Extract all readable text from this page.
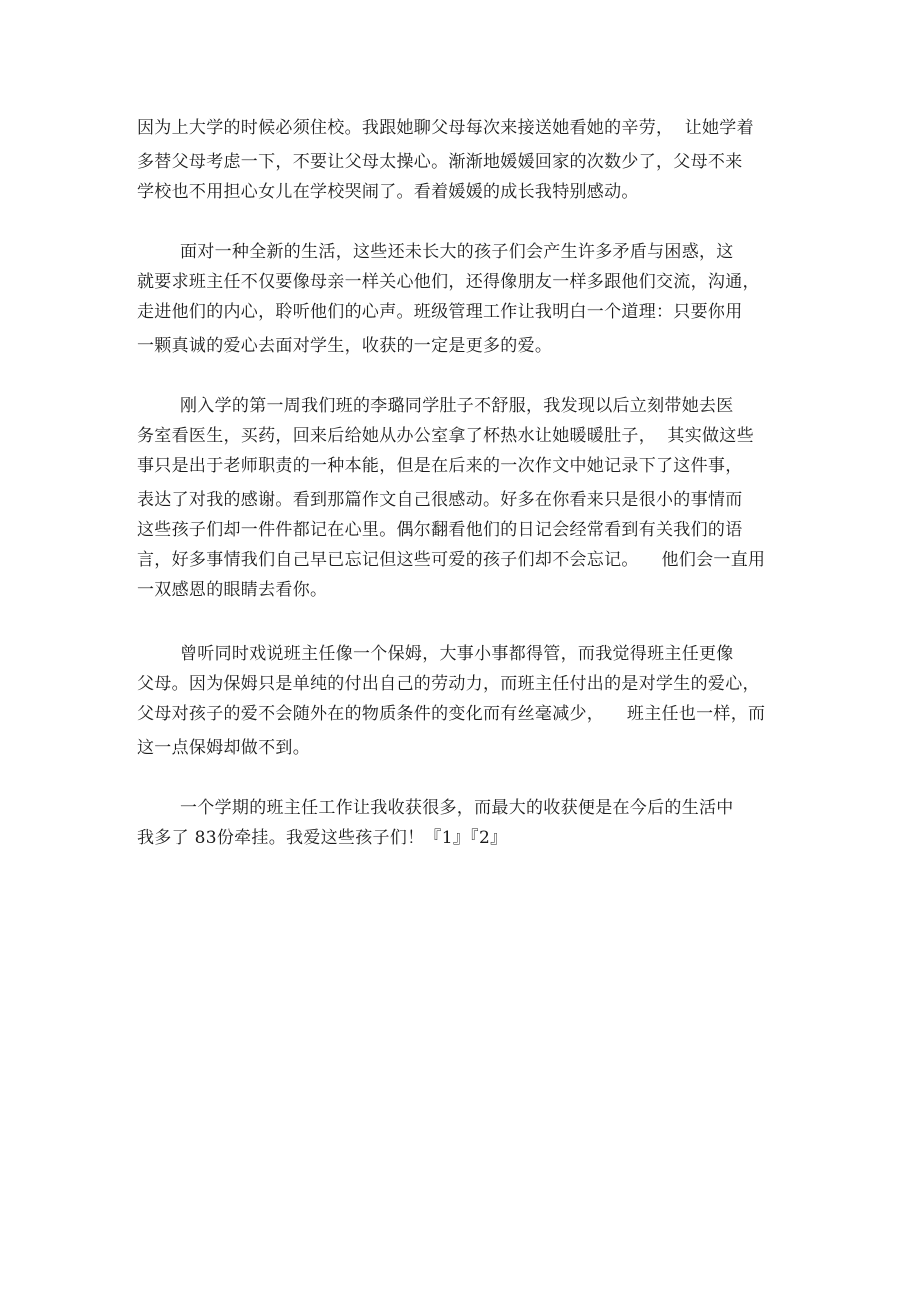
因为上大学的时候必须住校。我跟她聊父母每次来接送她看她的辛劳，  让她学着
多替父母考虑一下，不要让父母太操心。渐渐地媛媛回家的次数少了，父母不来
学校也不用担心女儿在学校哭闹了。看着媛媛的成长我特别感动。
面对一种全新的生活，这些还未长大的孩子们会产生许多矛盾与困惑，这
就要求班主任不仅要像母亲一样关心他们，还得像朋友一样多跟他们交流，沟通，
走进他们的内心，聆听他们的心声。班级管理工作让我明白一个道理：只要你用
一颗真诚的爱心去面对学生，收获的一定是更多的爱。
刚入学的第一周我们班的李璐同学肚子不舒服，我发现以后立刻带她去医
务室看医生，买药，回来后给她从办公室拿了杯热水让她暖暖肚子，  其实做这些
事只是出于老师职责的一种本能，但是在后来的一次作文中她记录下了这件事，
表达了对我的感谢。看到那篇作文自己很感动。好多在你看来只是很小的事情而
这些孩子们却一件件都记在心里。偶尔翻看他们的日记会经常看到有关我们的语
言，好多事情我们自己早已忘记但这些可爱的孩子们却不会忘记。    他们会一直用
一双感恩的眼睛去看你。
曾听同时戏说班主任像一个保姆，大事小事都得管，而我觉得班主任更像
父母。因为保姆只是单纯的付出自己的劳动力，而班主任付出的是对学生的爱心，
父母对孩子的爱不会随外在的物质条件的变化而有丝毫减少，    班主任也一样，而
这一点保姆却做不到。
一个学期的班主任工作让我收获很多，而最大的收获便是在今后的生活中
我多了 83份牵挂。我爱这些孩子们！『1』『2』
